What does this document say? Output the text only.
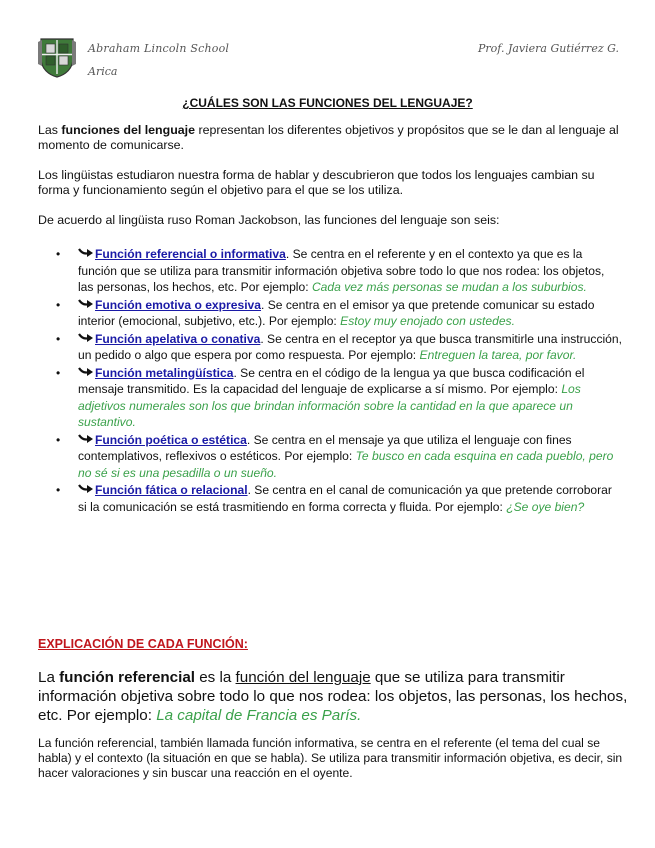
Abraham Lincoln School
Arica
Prof. Javiera Gutiérrez G.
¿CUÁLES SON LAS FUNCIONES DEL LENGUAJE?

Las funciones del lenguaje representan los diferentes objetivos y propósitos que se le dan al lenguaje al momento de comunicarse.

Los lingüistas estudiaron nuestra forma de hablar y descubrieron que todos los lenguajes cambian su forma y funcionamiento según el objetivo para el que se los utiliza.

De acuerdo al lingüista ruso Roman Jackobson, las funciones del lenguaje son seis:

•	Función referencial o informativa. Se centra en el referente y en el contexto ya que es la función que se utiliza para transmitir información objetiva sobre todo lo que nos rodea: los objetos, las personas, los hechos, etc. Por ejemplo: Cada vez más personas se mudan a los suburbios.
•	Función emotiva o expresiva. Se centra en el emisor ya que pretende comunicar su estado interior (emocional, subjetivo, etc.). Por ejemplo: Estoy muy enojado con ustedes.
•	Función apelativa o conativa. Se centra en el receptor ya que busca transmitirle una instrucción, un pedido o algo que espera por como respuesta. Por ejemplo: Entreguen la tarea, por favor.
•	Función metalingüística. Se centra en el código de la lengua ya que busca codificación el mensaje transmitido. Es la capacidad del lenguaje de explicarse a sí mismo. Por ejemplo: Los adjetivos numerales son los que brindan información sobre la cantidad en la que aparece un sustantivo.
•	Función poética o estética. Se centra en el mensaje ya que utiliza el lenguaje con fines contemplativos, reflexivos o estéticos. Por ejemplo: Te busco en cada esquina en cada pueblo, pero no sé si es una pesadilla o un sueño.
•	Función fática o relacional. Se centra en el canal de comunicación ya que pretende corroborar si la comunicación se está trasmitiendo en forma correcta y fluida. Por ejemplo: ¿Se oye bien?
EXPLICACIÓN DE CADA FUNCIÓN:

La función referencial es la función del lenguaje que se utiliza para transmitir información objetiva sobre todo lo que nos rodea: los objetos, las personas, los hechos, etc. Por ejemplo: La capital de Francia es París.

La función referencial, también llamada función informativa, se centra en el referente (el tema del cual se habla) y el contexto (la situación en que se habla). Se utiliza para transmitir información objetiva, es decir, sin hacer valoraciones y sin buscar una reacción en el oyente.
